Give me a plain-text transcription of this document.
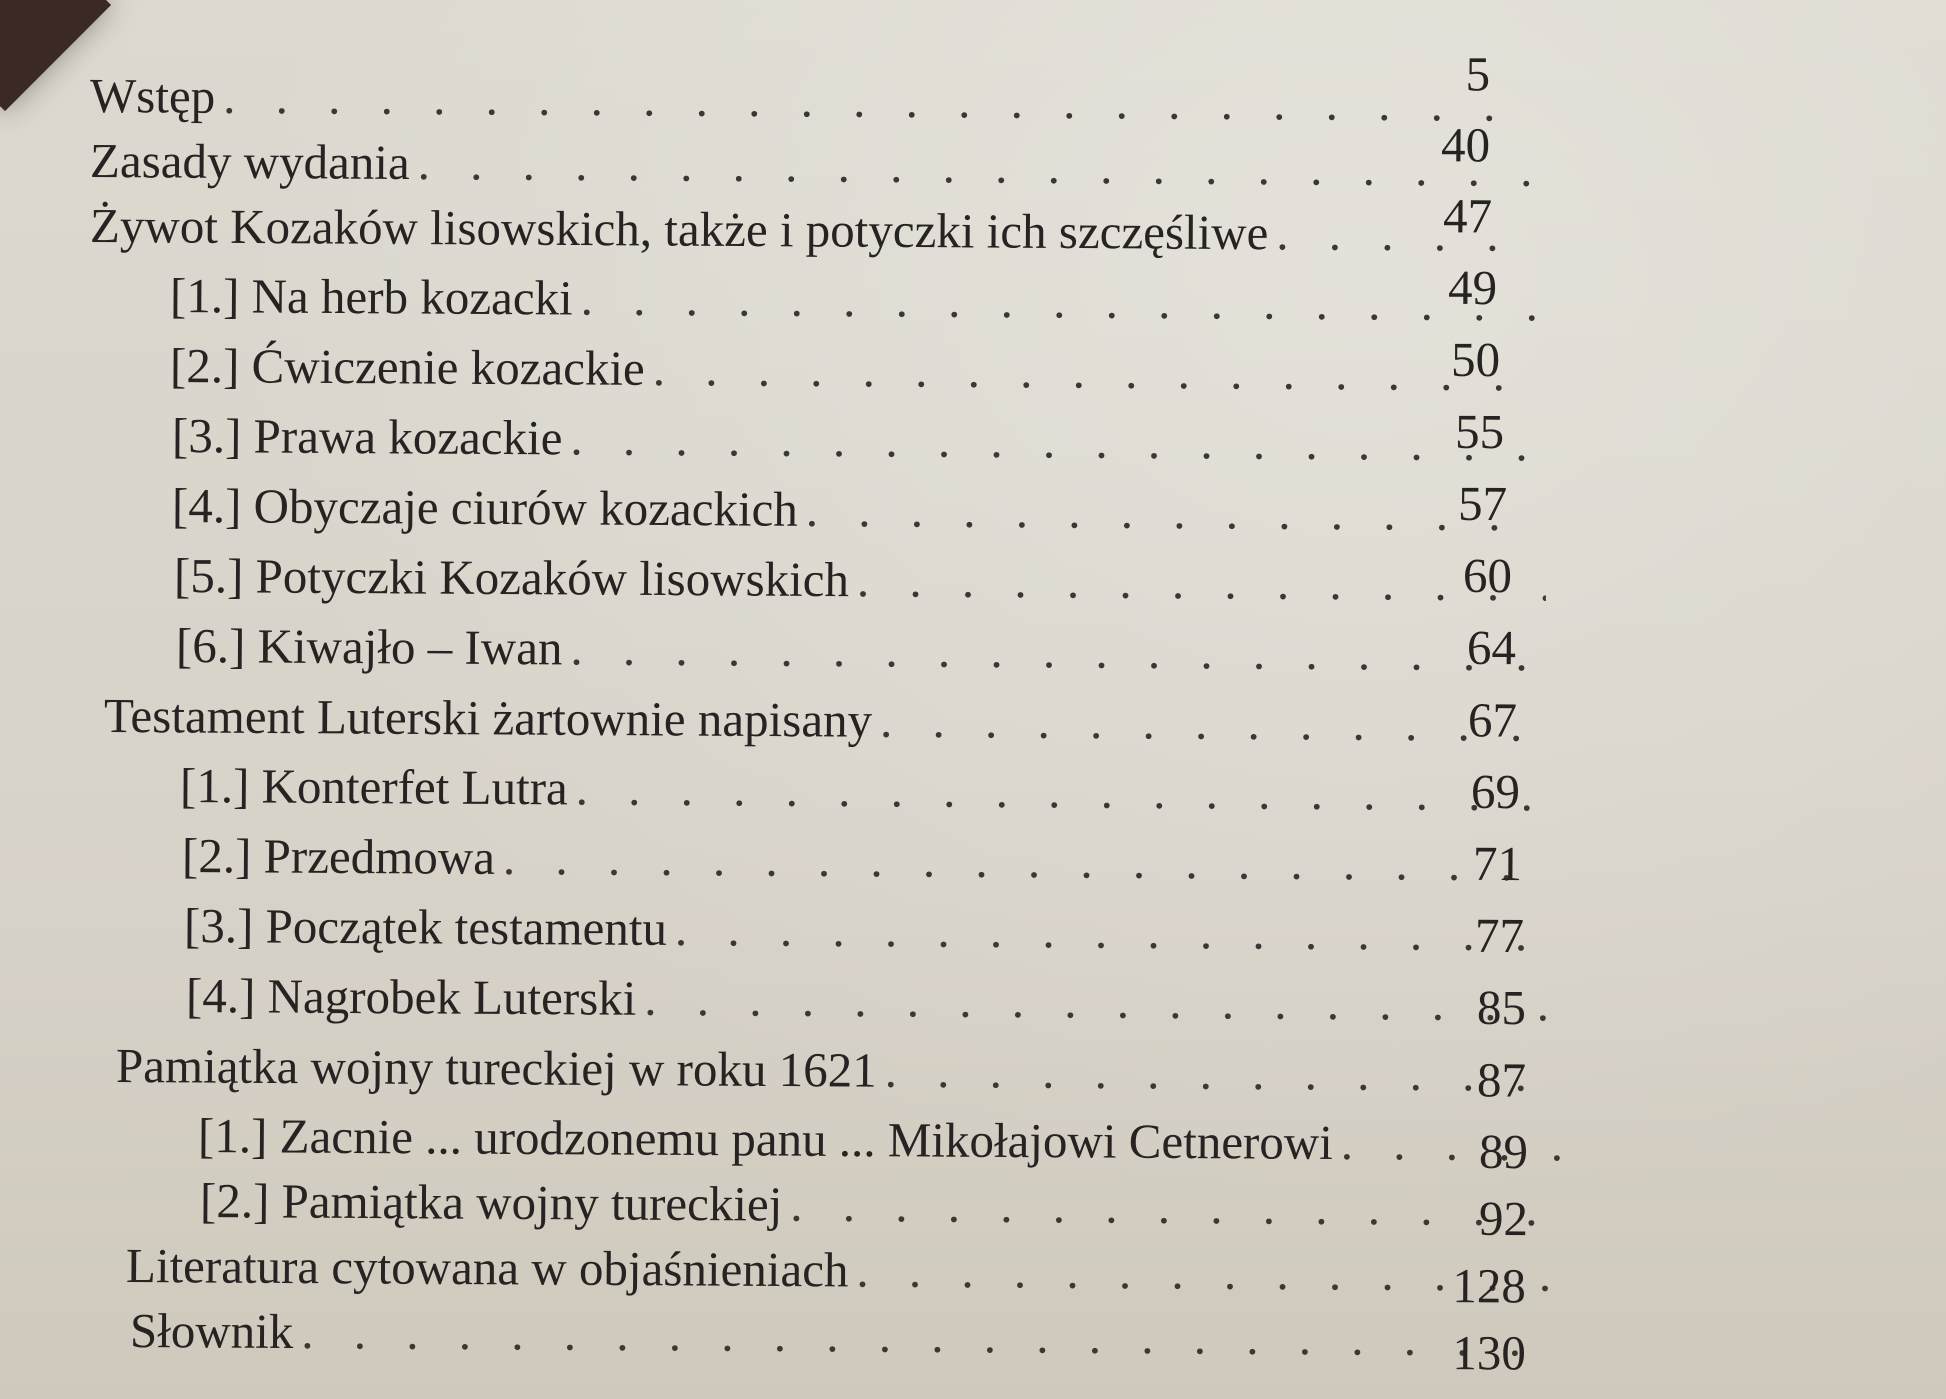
Wstęp . . .	5
Zasady wydania . . .	40
Żywot Kozaków lisowskich, także i potyczki ich szczęśliwe . . .	47
[1.] Na herb kozacki . . .	49
[2.] Ćwiczenie kozackie . . .	50
[3.] Prawa kozackie . . .	55
[4.] Obyczaje ciurów kozackich . . .	57
[5.] Potyczki Kozaków lisowskich . . .	60
[6.] Kiwajło – Iwan . . .	64
Testament Luterski żartownie napisany . . .	67
[1.] Konterfet Lutra . . .	69
[2.] Przedmowa . . .	71
[3.] Początek testamentu . . .	77
[4.] Nagrobek Luterski . . .	85
Pamiątka wojny tureckiej w roku 1621 . . .	87
[1.] Zacnie ... urodzonemu panu ... Mikołajowi Cetnerowi . . .	89
[2.] Pamiątka wojny tureckiej . . .	92
Literatura cytowana w objaśnieniach . . .	128
Słownik . . .	130
